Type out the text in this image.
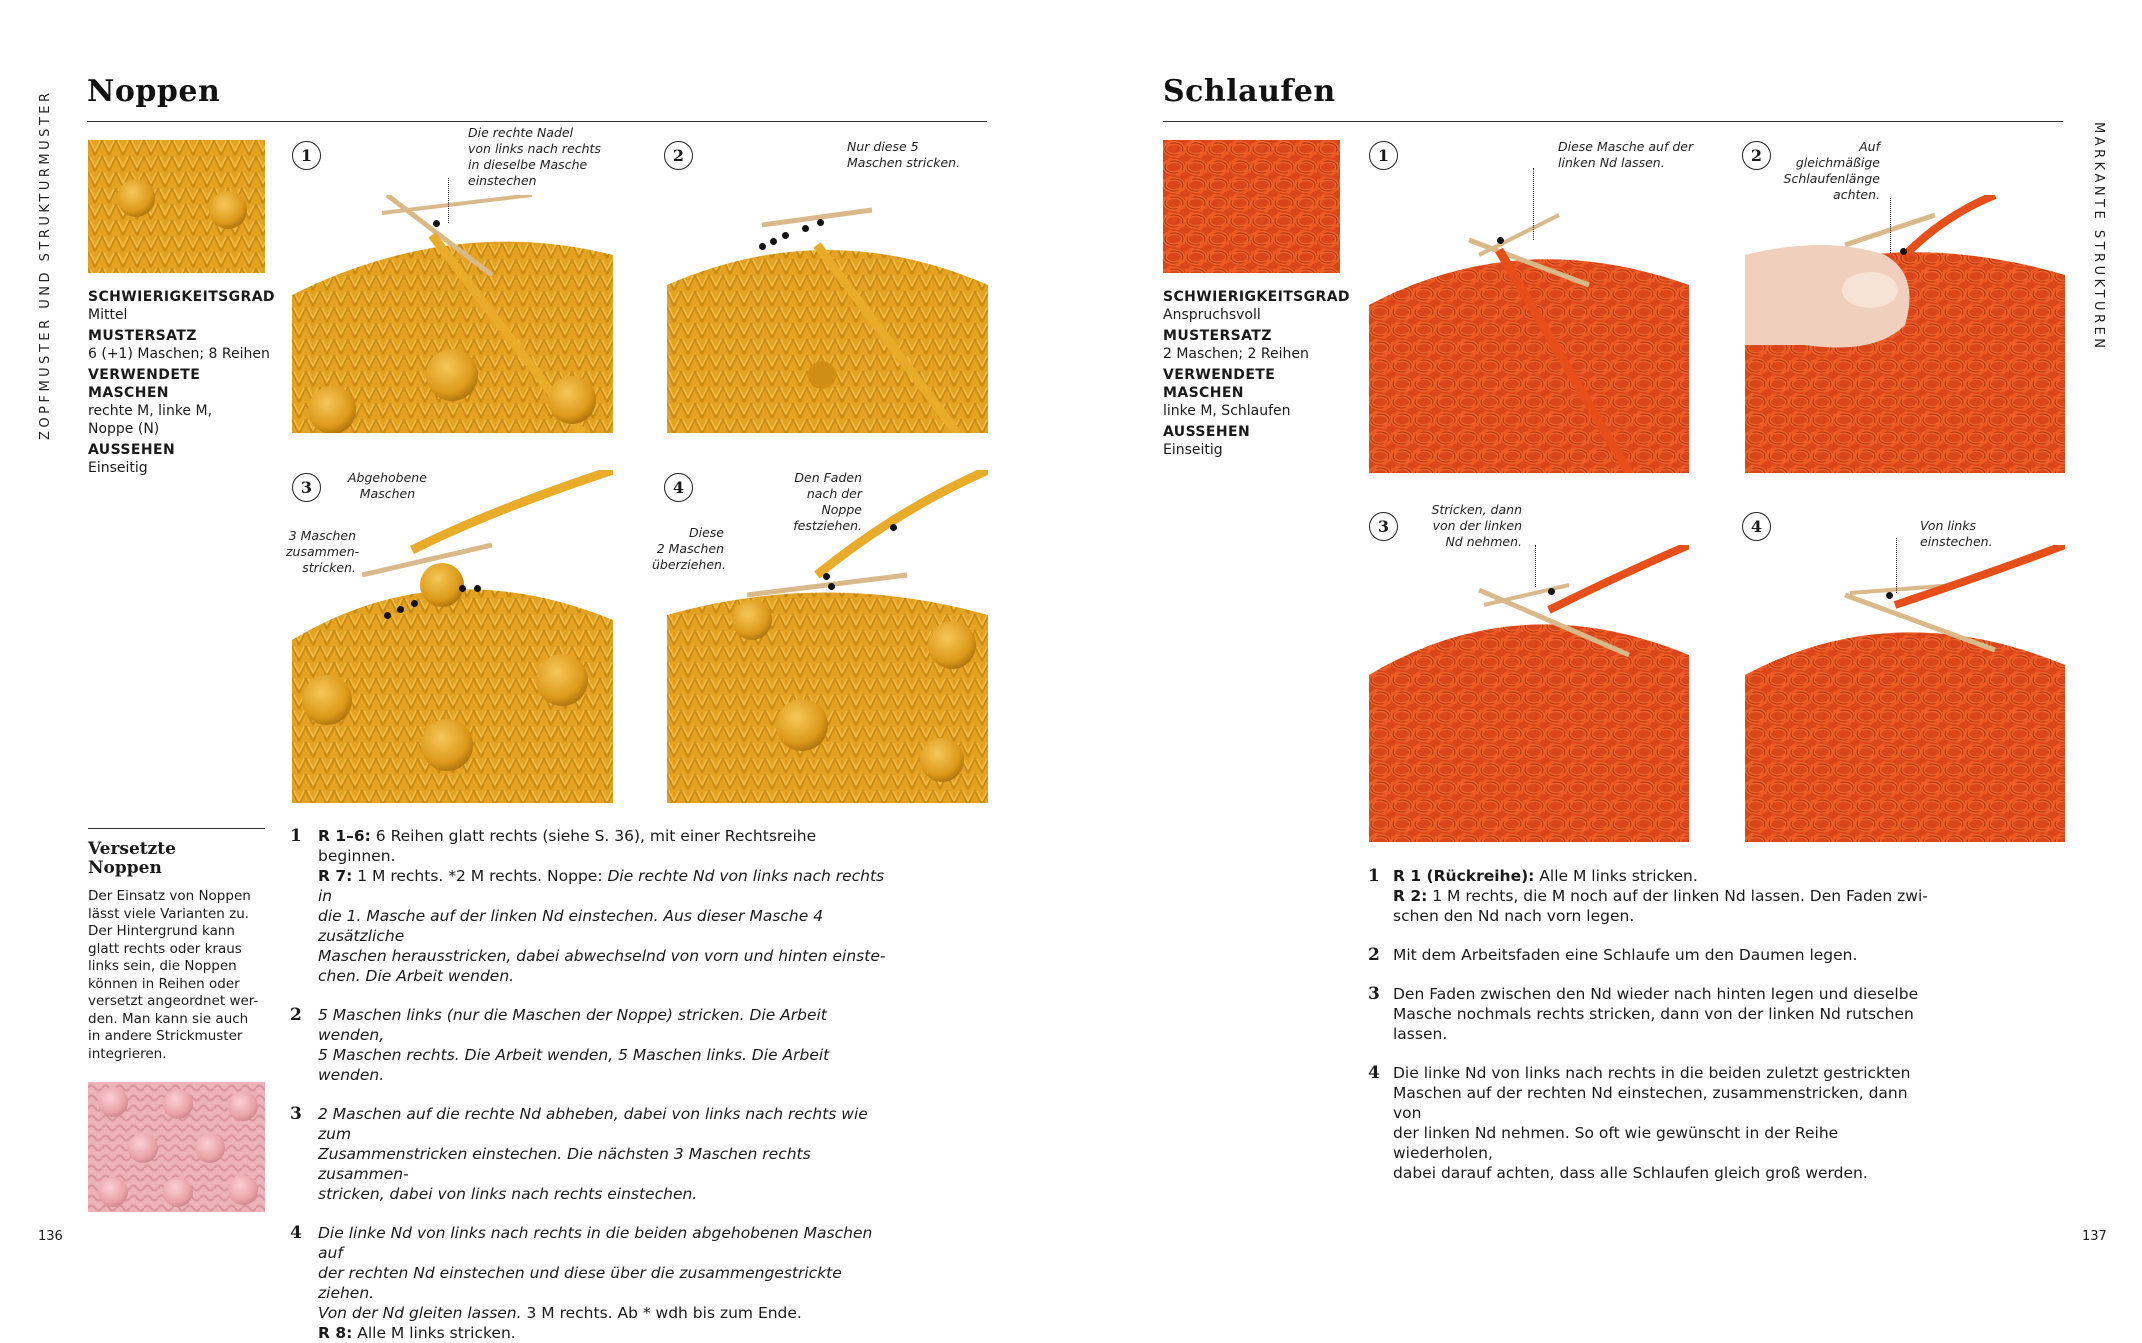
Noppen
ZOPFMUSTER UND STRUKTURMUSTER	SCHWIERIGKEITSGRAD
Mittel
MUSTERSATZ
6 (+1) Maschen; 8 Reihen
VERWENDETE
MASCHEN
rechte M, linke M,
Noppe (N)
AUSSEHEN
Einseitig
1	2
3	4
Die rechte Nadel
von links nach rechts
in dieselbe Masche
einstechen
Nur diese 5
Maschen stricken.
Abgehobene
Maschen
3 Maschen
zusammen-
stricken.
Den Faden
nach der Noppe
festziehen.
Diese
2 Maschen
überziehen.
Versetzte
Noppen
Der Einsatz von Noppen
lässt viele Varianten zu.
Der Hintergrund kann
glatt rechts oder kraus
links sein, die Noppen
können in Reihen oder
versetzt angeordnet wer-
den. Man kann sie auch
in andere Strickmuster
integrieren.
1 R 1–6: 6 Reihen glatt rechts (siehe S. 36), mit einer Rechtsreihe beginnen.
R 7: 1 M rechts. *2 M rechts. Noppe: Die rechte Nd von links nach rechts in
die 1. Masche auf der linken Nd einstechen. Aus dieser Masche 4 zusätzliche
Maschen herausstricken, dabei abwechselnd von vorn und hinten einste-
chen. Die Arbeit wenden.
2 5 Maschen links (nur die Maschen der Noppe) stricken. Die Arbeit wenden,
5 Maschen rechts. Die Arbeit wenden, 5 Maschen links. Die Arbeit wenden.
3 2 Maschen auf die rechte Nd abheben, dabei von links nach rechts wie zum
Zusammenstricken einstechen. Die nächsten 3 Maschen rechts zusammen-
stricken, dabei von links nach rechts einstechen.
4 Die linke Nd von links nach rechts in die beiden abgehobenen Maschen auf
der rechten Nd einstechen und diese über die zusammengestrickte ziehen.
Von der Nd gleiten lassen. 3 M rechts. Ab * wdh bis zum Ende.
R 8: Alle M links stricken.
136
Schlaufen
MARKANTE STRUKTUREN
SCHWIERIGKEITSGRAD
Anspruchsvoll
MUSTERSATZ
2 Maschen; 2 Reihen
VERWENDETE
MASCHEN
linke M, Schlaufen
AUSSEHEN
Einseitig
1	2
3	4
Diese Masche auf der
linken Nd lassen.
Auf
gleichmäßige
Schlaufenlänge
achten.
Stricken, dann
von der linken
Nd nehmen.
Von links
einstechen.
1 R 1 (Rückreihe): Alle M links stricken.
R 2: 1 M rechts, die M noch auf der linken Nd lassen. Den Faden zwi-
schen den Nd nach vorn legen.
2 Mit dem Arbeitsfaden eine Schlaufe um den Daumen legen.
3 Den Faden zwischen den Nd wieder nach hinten legen und dieselbe
Masche nochmals rechts stricken, dann von der linken Nd rutschen
lassen.
4 Die linke Nd von links nach rechts in die beiden zuletzt gestrickten
Maschen auf der rechten Nd einstechen, zusammenstricken, dann von
der linken Nd nehmen. So oft wie gewünscht in der Reihe wiederholen,
dabei darauf achten, dass alle Schlaufen gleich groß werden.
137
